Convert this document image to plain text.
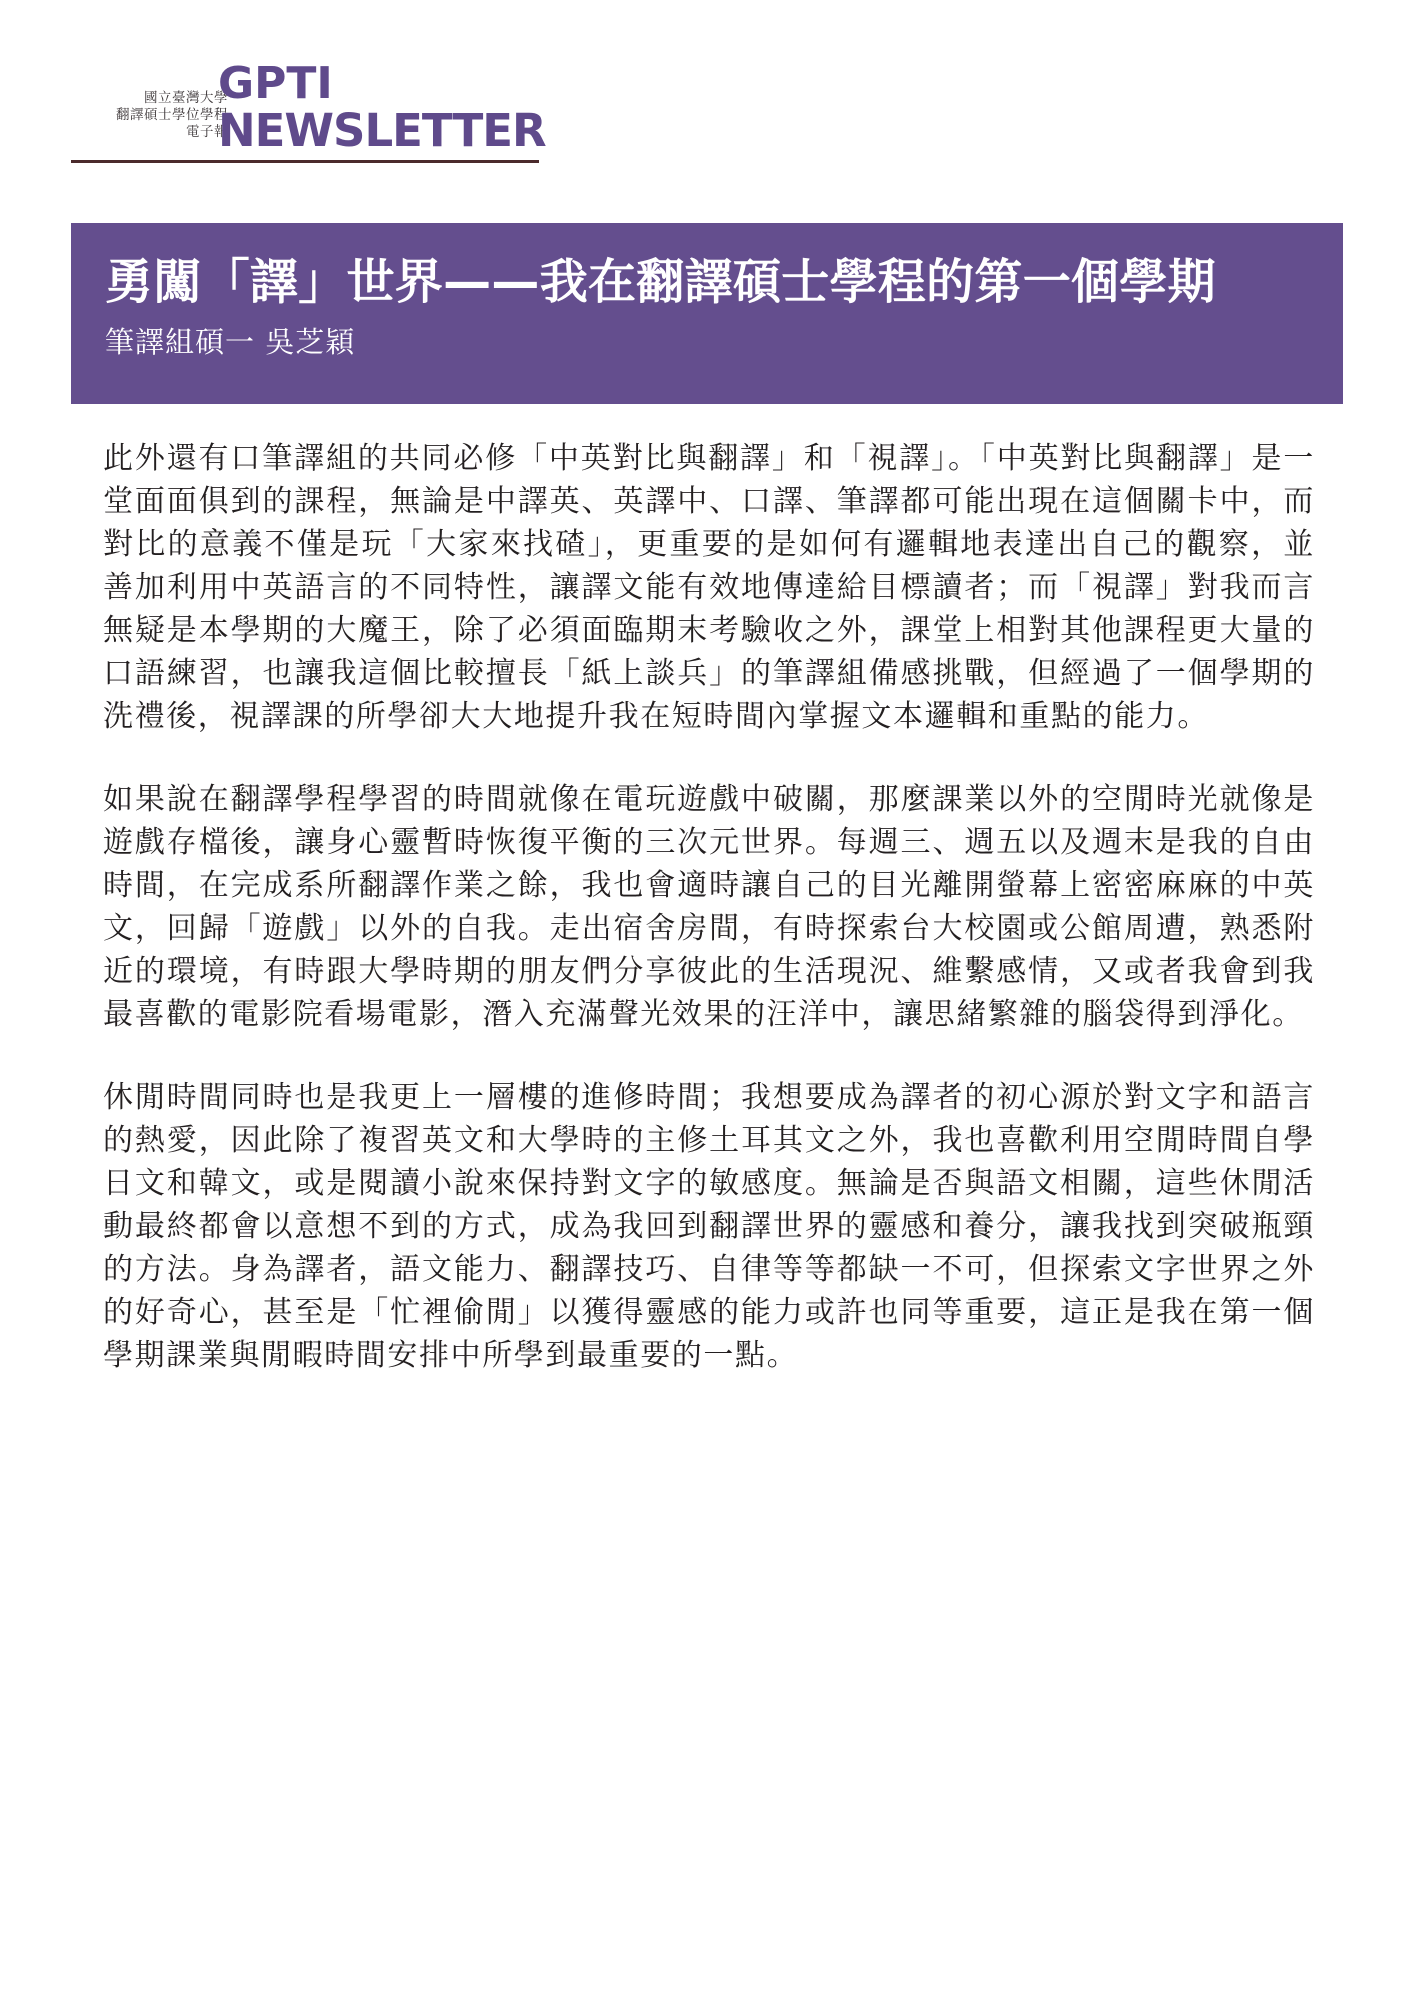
國立臺灣大學
翻譯碩士學位學程
電子報
GPTI
NEWSLETTER
勇闖「譯」世界——我在翻譯碩士學程的第一個學期

筆譯組碩一 吳芝穎

此外還有口筆譯組的共同必修「中英對比與翻譯」和「視譯」。「中英對比與翻譯」是一堂面面俱到的課程，無論是中譯英、英譯中、口譯、筆譯都可能出現在這個關卡中，而對比的意義不僅是玩「大家來找碴」，更重要的是如何有邏輯地表達出自己的觀察，並善加利用中英語言的不同特性，讓譯文能有效地傳達給目標讀者；而「視譯」對我而言無疑是本學期的大魔王，除了必須面臨期末考驗收之外，課堂上相對其他課程更大量的口語練習，也讓我這個比較擅長「紙上談兵」的筆譯組備感挑戰，但經過了一個學期的洗禮後，視譯課的所學卻大大地提升我在短時間內掌握文本邏輯和重點的能力。

如果說在翻譯學程學習的時間就像在電玩遊戲中破關，那麼課業以外的空閒時光就像是遊戲存檔後，讓身心靈暫時恢復平衡的三次元世界。每週三、週五以及週末是我的自由時間，在完成系所翻譯作業之餘，我也會適時讓自己的目光離開螢幕上密密麻麻的中英文，回歸「遊戲」以外的自我。走出宿舍房間，有時探索台大校園或公館周遭，熟悉附近的環境，有時跟大學時期的朋友們分享彼此的生活現況、維繫感情，又或者我會到我最喜歡的電影院看場電影，潛入充滿聲光效果的汪洋中，讓思緒繁雜的腦袋得到淨化。

休閒時間同時也是我更上一層樓的進修時間；我想要成為譯者的初心源於對文字和語言的熱愛，因此除了複習英文和大學時的主修土耳其文之外，我也喜歡利用空閒時間自學日文和韓文，或是閱讀小說來保持對文字的敏感度。無論是否與語文相關，這些休閒活動最終都會以意想不到的方式，成為我回到翻譯世界的靈感和養分，讓我找到突破瓶頸的方法。身為譯者，語文能力、翻譯技巧、自律等等都缺一不可，但探索文字世界之外的好奇心，甚至是「忙裡偷閒」以獲得靈感的能力或許也同等重要，這正是我在第一個學期課業與閒暇時間安排中所學到最重要的一點。
